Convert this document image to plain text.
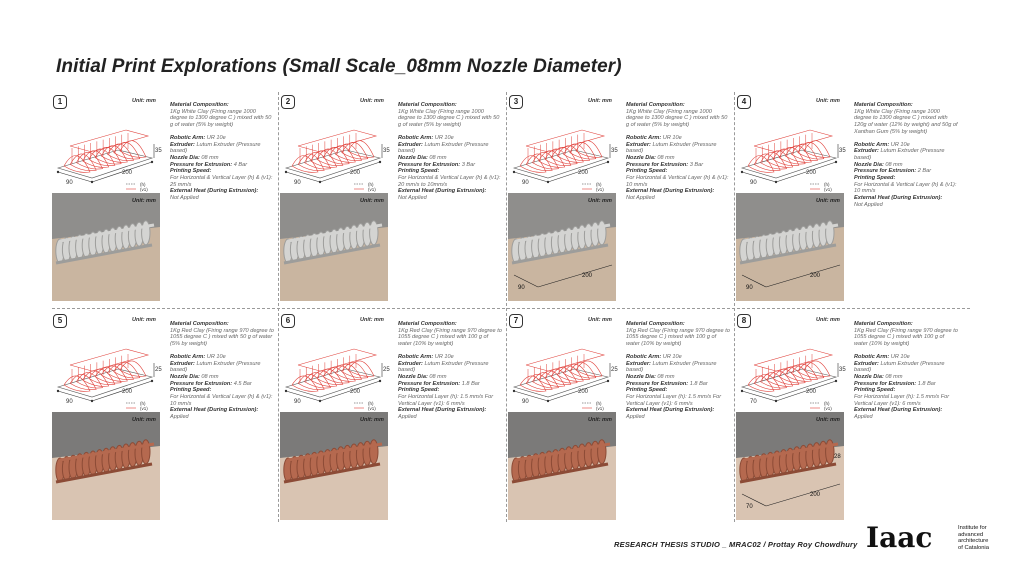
Initial Print Explorations (Small Scale_08mm Nozzle Diameter)
1	Unit: mm
90
200
35
(h)
(v1)
Unit: mm
Material Composition:
1Kg White Clay (Firing range 1000 degree to 1300 degree C ) mixed with 50 g of water (5% by weight)
Robotic Arm: UR 10e
Extruder: Lutum Extruder (Pressure based)
Nozzle Dia: 08 mm
Pressure for Extrusion: 4 Bar
Printing Speed:
For Horizontal & Vertical Layer (h) & (v1): 25 mm/s
External Heat (During Extrusion):
Not Applied
2	Unit: mm
90
200
35
(h)
(v1)
Unit: mm
Material Composition:
1Kg White Clay (Firing range 1000 degree to 1300 degree C ) mixed with 50 g of water (5% by weight)
Robotic Arm: UR 10e
Extruder: Lutum Extruder (Pressure based)
Nozzle Dia: 08 mm
Pressure for Extrusion: 3 Bar
Printing Speed:
For Horizontal & Vertical Layer (h) & (v1): 20 mm/s to 10mm/s
External Heat (During Extrusion):
Not Applied
3	Unit: mm
90
200
35
(h)
(v1)
90
200
Unit: mm
Material Composition:
1Kg White Clay (Firing range 1000 degree to 1300 degree C ) mixed with 50 g of water (5% by weight)
Robotic Arm: UR 10e
Extruder: Lutum Extruder (Pressure based)
Nozzle Dia: 08 mm
Pressure for Extrusion: 3 Bar
Printing Speed:
For Horizontal & Vertical Layer (h) & (v1): 10 mm/s
External Heat (During Extrusion):
Not Applied
4	Unit: mm
90
200
35
(h)
(v1)
90
200
Unit: mm
Material Composition:
1Kg White Clay (Firing range 1000 degree to 1300 degree C ) mixed with 120g of water (12% by weight) and 50g of Xanthan Gum (5% by weight)
Robotic Arm: UR 10e
Extruder: Lutum Extruder (Pressure based)
Nozzle Dia: 08 mm
Pressure for Extrusion: 2 Bar
Printing Speed:
For Horizontal & Vertical Layer (h) & (v1): 10 mm/s
External Heat (During Extrusion):
Not Applied
5	Unit: mm
90
200
25
(h)
(v1)
Unit: mm
Material Composition:
1Kg Red Clay (Firing range 970 degree to 1055 degree C ) mixed with 50 g of water (5% by weight)
Robotic Arm: UR 10e
Extruder: Lutum Extruder (Pressure based)
Nozzle Dia: 08 mm
Pressure for Extrusion: 4.5 Bar
Printing Speed:
For Horizontal & Vertical Layer (h) & (v1): 10 mm/s
External Heat (During Extrusion):
Applied
6	Unit: mm
90
200
25
(h)
(v1)
Unit: mm
Material Composition:
1Kg Red Clay (Firing range 970 degree to 1055 degree C ) mixed with 100 g of water (10% by weight)
Robotic Arm: UR 10e
Extruder: Lutum Extruder (Pressure based)
Nozzle Dia: 08 mm
Pressure for Extrusion: 1.8 Bar
Printing Speed:
For Horizontal Layer (h): 1.5 mm/s For Vertical Layer (v1): 6 mm/s
External Heat (During Extrusion):
Applied
7	Unit: mm
90
200
25
(h)
(v1)
Unit: mm
Material Composition:
1Kg Red Clay (Firing range 970 degree to 1055 degree C ) mixed with 100 g of water (10% by weight)
Robotic Arm: UR 10e
Extruder: Lutum Extruder (Pressure based)
Nozzle Dia: 08 mm
Pressure for Extrusion: 1.8 Bar
Printing Speed:
For Horizontal Layer (h): 1.5 mm/s For Vertical Layer (v1): 6 mm/s
External Heat (During Extrusion):
Applied
8	Unit: mm
70
200
35
(h)
(v1)
70
200
28
Unit: mm
Material Composition:
1Kg Red Clay (Firing range 970 degree to 1055 degree C ) mixed with 100 g of water (10% by weight)
Robotic Arm: UR 10e
Extruder: Lutum Extruder (Pressure based)
Nozzle Dia: 08 mm
Pressure for Extrusion: 1.8 Bar
Printing Speed:
For Horizontal Layer (h): 1.5 mm/s For Vertical Layer (v1): 6 mm/s
External Heat (During Extrusion):
Applied
RESEARCH THESIS STUDIO _ MRAC02 / Prottay Roy Chowdhury Iaac	Institute for
advanced
architecture
of Catalonia
